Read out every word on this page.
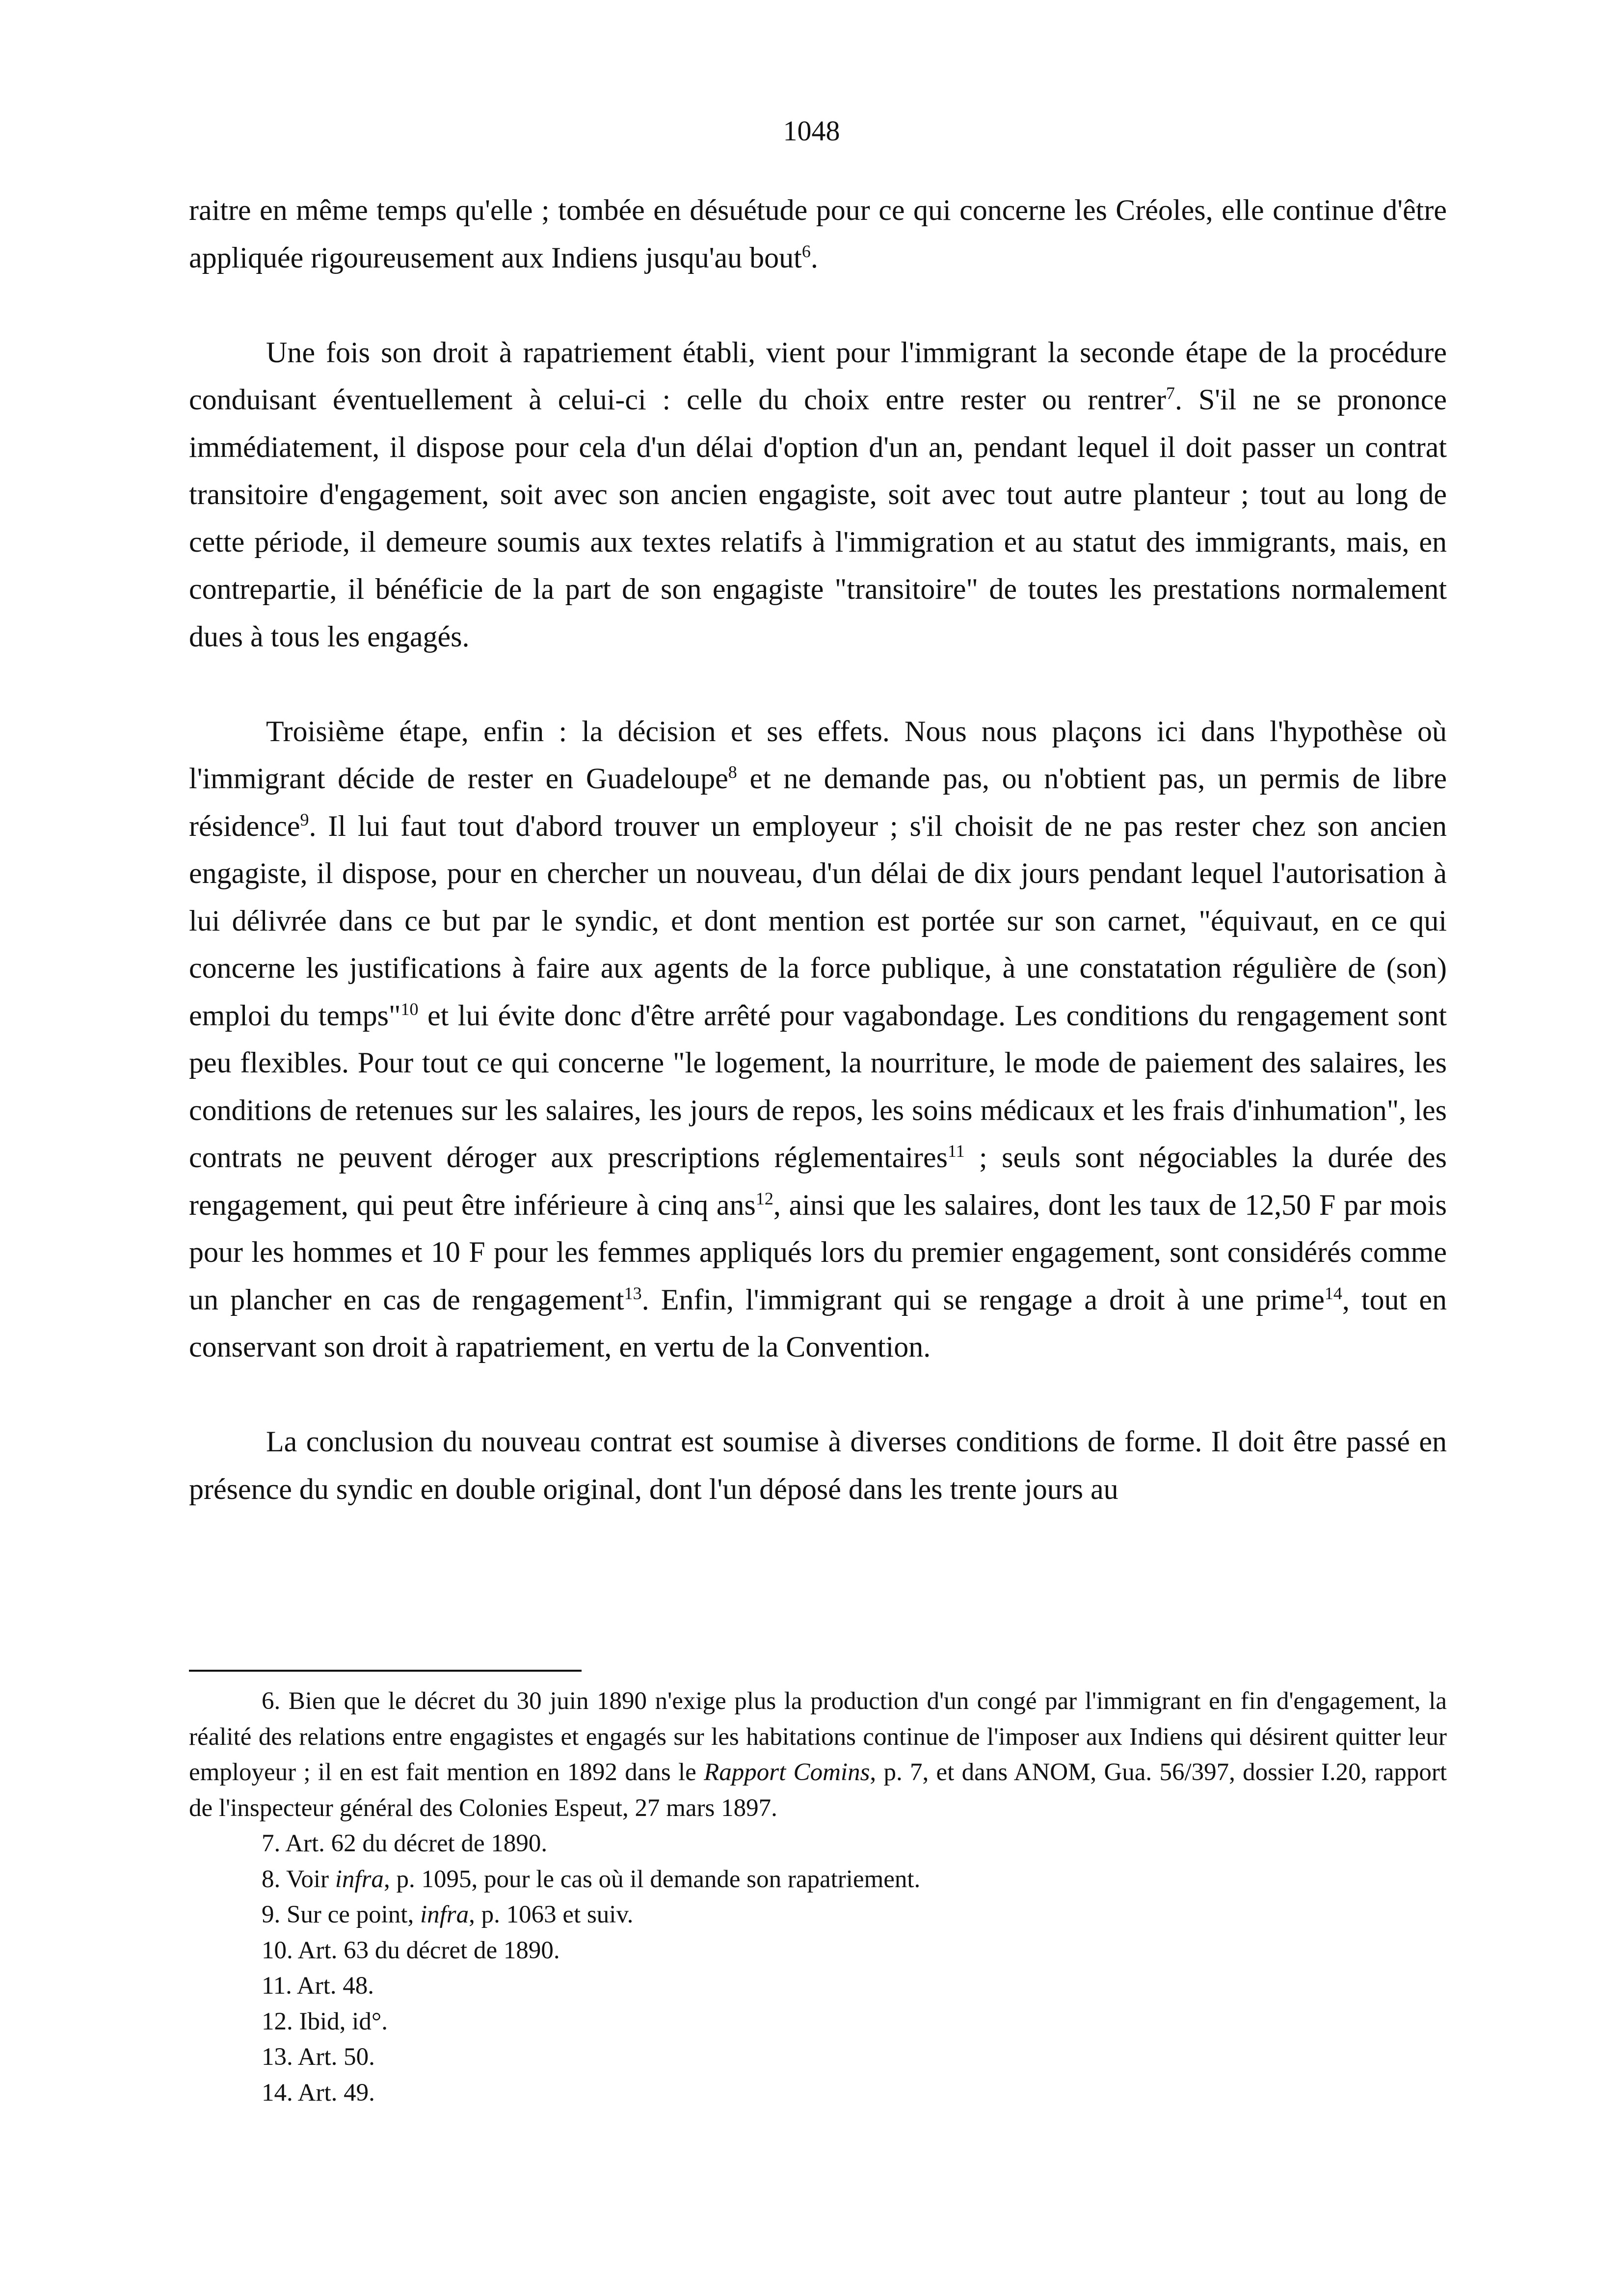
1048

raitre en même temps qu'elle ; tombée en désuétude pour ce qui concerne les Créoles, elle continue d'être appliquée rigoureusement aux Indiens jusqu'au bout$^6$.

Une fois son droit à rapatriement établi, vient pour l'immigrant la seconde étape de la procédure conduisant éventuellement à celui-ci : celle du choix entre rester ou rentrer$^7$. S'il ne se prononce immédiatement, il dispose pour cela d'un délai d'option d'un an, pendant lequel il doit passer un contrat transitoire d'engagement, soit avec son ancien engagiste, soit avec tout autre planteur ; tout au long de cette période, il demeure soumis aux textes relatifs à l'immigration et au statut des immigrants, mais, en contrepartie, il bénéficie de la part de son engagiste "transitoire" de toutes les prestations normalement dues à tous les engagés.

Troisième étape, enfin : la décision et ses effets. Nous nous plaçons ici dans l'hypothèse où l'immigrant décide de rester en Guadeloupe$^8$ et ne demande pas, ou n'obtient pas, un permis de libre résidence$^9$. Il lui faut tout d'abord trouver un employeur ; s'il choisit de ne pas rester chez son ancien engagiste, il dispose, pour en chercher un nouveau, d'un délai de dix jours pendant lequel l'autorisation à lui délivrée dans ce but par le syndic, et dont mention est portée sur son carnet, "équivaut, en ce qui concerne les justifications à faire aux agents de la force publique, à une constatation régulière de (son) emploi du temps"$^{10}$ et lui évite donc d'être arrêté pour vagabondage. Les conditions du rengagement sont peu flexibles. Pour tout ce qui concerne "le logement, la nourriture, le mode de paiement des salaires, les conditions de retenues sur les salaires, les jours de repos, les soins médicaux et les frais d'inhumation", les contrats ne peuvent déroger aux prescriptions réglementaires$^{11}$ ; seuls sont négociables la durée des rengagement, qui peut être inférieure à cinq ans$^{12}$, ainsi que les salaires, dont les taux de 12,50 F par mois pour les hommes et 10 F pour les femmes appliqués lors du premier engagement, sont considérés comme un plancher en cas de rengagement$^{13}$. Enfin, l'immigrant qui se rengage a droit à une prime$^{14}$, tout en conservant son droit à rapatriement, en vertu de la Convention.

La conclusion du nouveau contrat est soumise à diverses conditions de forme. Il doit être passé en présence du syndic en double original, dont l'un déposé dans les trente jours au

6. Bien que le décret du 30 juin 1890 n'exige plus la production d'un congé par l'immigrant en fin d'engagement, la réalité des relations entre engagistes et engagés sur les habitations continue de l'imposer aux Indiens qui désirent quitter leur employeur ; il en est fait mention en 1892 dans le Rapport Comins, p. 7, et dans ANOM, Gua. 56/397, dossier I.20, rapport de l'inspecteur général des Colonies Espeut, 27 mars 1897.

7. Art. 62 du décret de 1890.

8. Voir infra, p. 1095, pour le cas où il demande son rapatriement.

9. Sur ce point, infra, p. 1063 et suiv.

10. Art. 63 du décret de 1890.

11. Art. 48.

12. Ibid, id°.

13. Art. 50.

14. Art. 49.
